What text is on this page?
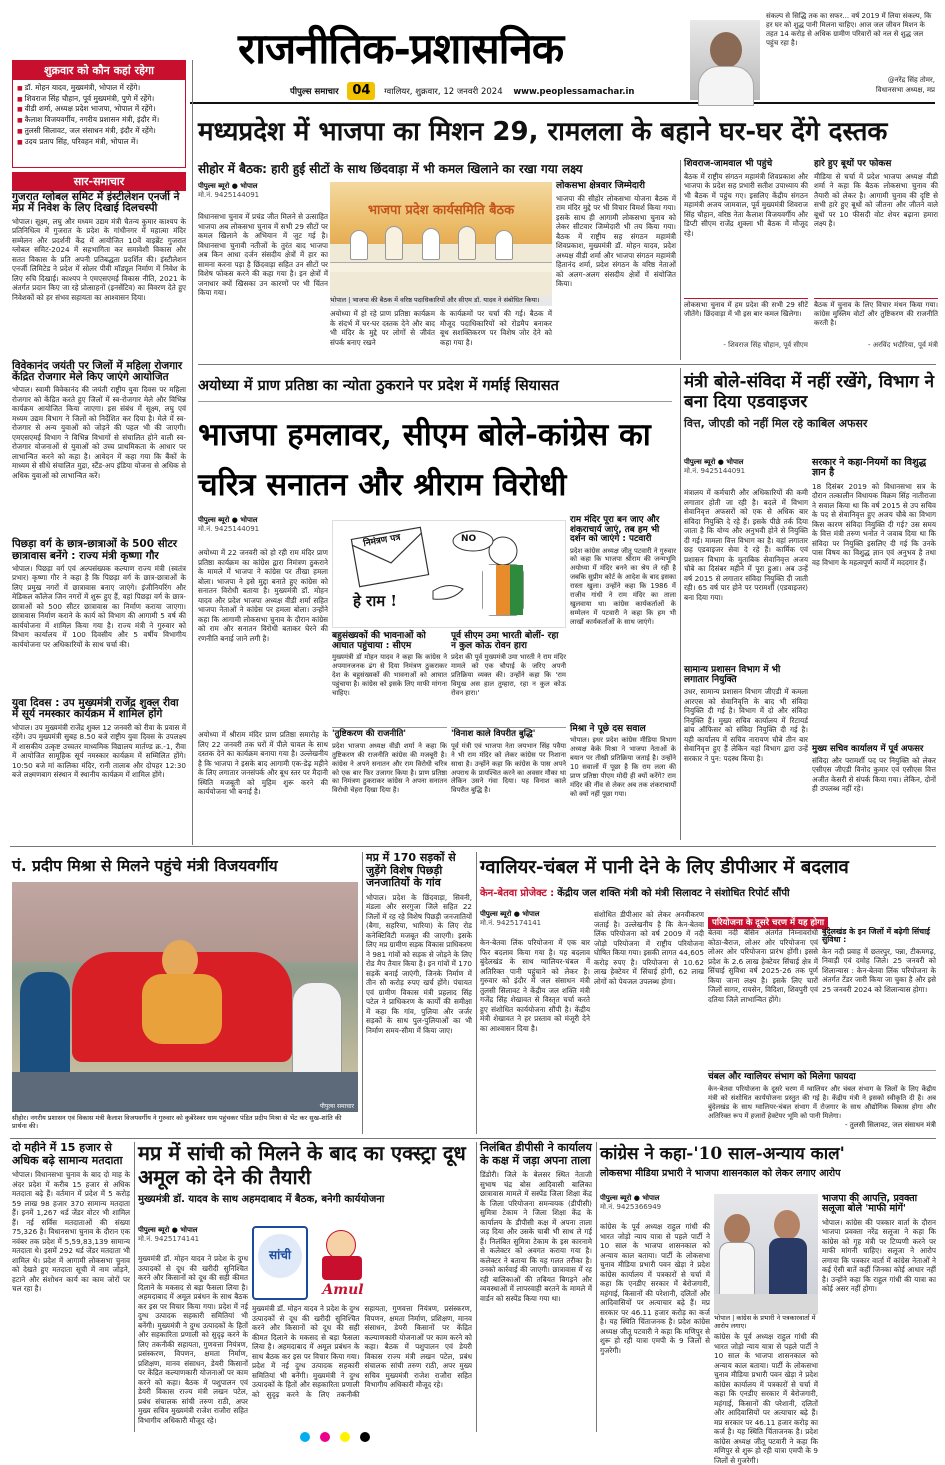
राजनीतिक-प्रशासनिक
पीपुल्स समाचार 04 ग्वालियर, शुक्रवार, 12 जनवरी 2024 www.peoplessamachar.in
संकल्प से सिद्धि तक का सफर... वर्ष 2019 में लिया संकल्प, कि हर घर को शुद्ध पानी मिलना चाहिए। आज जल जीवन मिशन के तहत 14 करोड़ से अधिक ग्रामीण परिवारों को नल से शुद्ध जल पहुंच रहा है।
@नरेंद्र सिंह तोमर,
विधानसभा अध्यक्ष, मप्र
शुक्रवार को कौन कहां रहेगा
■ डॉ. मोहन यादव, मुख्यमंत्री, भोपाल में रहेंगे।
■ शिवराज सिंह चौहान, पूर्व मुख्यमंत्री, पुणे में रहेंगे।
■ वीडी शर्मा, अध्यक्ष प्रदेश भाजपा, भोपाल में रहेंगे।
■ कैलाश विजयवर्गीय, नगरीय प्रशासन मंत्री, इंदौर में।
■ तुलसी सिलावट, जल संसाधन मंत्री, इंदौर में रहेंगे।
■ उदय प्रताप सिंह, परिवहन मंत्री, भोपाल में।
सार-समाचार
गुजरात ग्लोबल समिट में इंस्टीलेशन एनर्जी ने मप्र में निवेश के लिए दिखाई दिलचस्पी
भोपाल। सूक्ष्म, लघु और मध्यम उद्यम मंत्री चैतन्य कुमार काश्यप के प्रतिनिधित्व में गुजरात के प्रदेश के गांधीनगर में महात्मा मंदिर सम्मेलन और प्रदर्शनी केंद्र में आयोजित 10वें वाइब्रेंट गुजरात ग्लोबल समिट-2024 में सहभागिता कर समावेशी विकास और सतत विकास के प्रति अपनी प्रतिबद्धता प्रदर्शित की। इंस्टीलेशन एनर्जी लिमिटेड ने प्रदेश में सोलर पीवी मॉड्यूल निर्माण में निवेश के लिए रुचि दिखाई। काश्यप ने एमएसएमई विकास नीति, 2021 के अंतर्गत प्रदान किए जा रहे प्रोत्साहनों (इनसेंटिव) का विवरण देते हुए निवेशकों को हर संभव सहायता का आश्वासन दिया।
विवेकानंद जयंती पर जिलों में महिला रोजगार केंद्रित रोजगार मेले किए जाएंगे आयोजित
भोपाल। स्वामी विवेकानंद की जयंती राष्ट्रीय युवा दिवस पर महिला रोजगार को केंद्रित करते हुए जिलों में स्व-रोजगार मेले और विभिन्न कार्यक्रम आयोजित किया जाएगा। इस संबंध में सूक्ष्म, लघु एवं मध्यम उद्यम विभाग ने जिलों को निर्देशित कर दिया है। मेले में स्व-रोजगार से अन्य युवाओं को जोड़ने की पहल भी की जाएगी। एमएसएमई विभाग ने विभिन्न विभागों से संचालित होने वाली स्व-रोजगार योजनाओं से युवाओं को उच्च प्राथमिकता के आधार पर लाभान्वित करने को कहा है। आवेदन में कहा गया कि बैंकों के माध्यम से सीधे संचालित मुद्रा, स्टैंड-अप इंडिया योजना से अधिक से अधिक युवाओं को लाभान्वित करें।
पिछड़ा वर्ग के छात्र-छात्राओं के 500 सीटर छात्रावास बनेंगे : राज्य मंत्री कृष्णा गौर
भोपाल। पिछड़ा वर्ग एवं अल्पसंख्यक कल्याण राज्य मंत्री (स्वतंत्र प्रभार) कृष्णा गौर ने कहा है कि पिछड़ा वर्ग के छात्र-छात्राओं के लिए प्रमुख नगरों में छात्रावास बनाए जाएंगे। इंजीनियरिंग और मेडिकल कॉलेज जिन नगरों में शुरू हुए हैं, वहां पिछड़ा वर्ग के छात्र-छात्राओं को 500 सीटर छात्रावास का निर्माण कराया जाएगा। छात्रावास निर्माण कराने के कार्य को विभाग की आगामी 5 वर्ष की कार्ययोजना में शामिल किया गया है। राज्य मंत्री ने गुरुवार को विभाग कार्यालय में 100 दिवसीय और 5 वर्षीय विभागीय कार्ययोजना पर अधिकारियों के साथ चर्चा की।
युवा दिवस : उप मुख्यमंत्री राजेंद्र शुक्ल रीवा में सूर्य नमस्कार कार्यक्रम में शामिल होंगे
भोपाल। उप मुख्यमंत्री राजेंद्र शुक्ल 12 जनवरी को रीवा के प्रवास में रहेंगे। उप मुख्यमंत्री सुबह 8.50 बजे राष्ट्रीय युवा दिवस के उपलक्ष्य में शासकीय उत्कृष्ट उच्चतर माध्यमिक विद्यालय मार्तण्ड क्र.-1, रीवा में आयोजित सामूहिक सूर्य नमस्कार कार्यक्रम में सम्मिलित होंगे। 10:50 बजे मां कालिका मंदिर, रानी तालाब और दोपहर 12:30 बजे लक्ष्मणबाग संस्थान में स्थानीय कार्यक्रम में शामिल होंगे।
मध्यप्रदेश में भाजपा का मिशन 29, रामलला के बहाने घर-घर देंगे दस्तक
सीहोर में बैठक: हारी हुई सीटों के साथ छिंदवाड़ा में भी कमल खिलाने का रखा गया लक्ष्य
पीपुल्स ब्यूरो ● भोपाल
मो.नं. 9425144091
भाजपा प्रदेश कार्यसमिति बैठक
भोपाल | भाजपा की बैठक में वरिष्ठ पदाधिकारियों और सीएम डॉ. यादव ने संबोधित किया।
विधानसभा चुनाव में प्रचंड जीत मिलने से उत्साहित भाजपा अब लोकसभा चुनाव में सभी 29 सीटों पर कमल खिलाने के अभियान में जुट गई है। विधानसभा चुनावी नतीजों के तुरंत बाद भाजपा अब किन आधा दर्जन संसदीय क्षेत्रों में हार का सामना करना पड़ा है छिंदवाड़ा सहित उन सीटों पर विशेष फोकस करने की कहा गया है। इन क्षेत्रों में जनाधार क्यों खिसका उन कारणों पर भी चिंतन किया गया।
अयोध्या में हो रहे प्राण प्रतिष्ठा कार्यक्रम के संदर्भ में घर-घर दस्तक देने और बाद भी मंदिर के मुद्दे पर लोगों से जीवंत संपर्क बनाए रखने
के कार्यक्रमों पर चर्चा की गई। बैठक में मौजूद पदाधिकारियों को रोडमैप बनाकर बूथ सशक्तिकरण पर विशेष जोर देने को कहा गया है।
लोकसभा क्षेत्रवार जिम्मेदारी
भाजपा की सीहोर लोकसभा योजना बैठक में राम मंदिर मुद्दे पर भी विचार विमर्श किया गया। इसके साथ ही आगामी लोकसभा चुनाव को लेकर सीटवार जिम्मेदारी भी तय किया गया। बैठक में राष्ट्रीय सह संगठन महामंत्री शिवप्रकाश, मुख्यमंत्री डॉ. मोहन यादव, प्रदेश अध्यक्ष वीडी शर्मा और भाजपा संगठन महामंत्री हितानंद शर्मा, प्रदेश संगठन के वरिष्ठ नेताओं को अलग-अलग संसदीय क्षेत्रों में संयोजित किया।
शिवराज-जामवाल भी पहुंचे
बैठक में राष्ट्रीय संगठन महामंत्री शिवप्रकाश और भाजपा के प्रदेश सह प्रभारी सतीश उपाध्याय की भी बैठक में पहुंच गए। इसलिए केंद्रीय संगठन महामंत्री अजय जामवाल, पूर्व मुख्यमंत्री शिवराज सिंह चौहान, वरिष्ठ नेता कैलाश विजयवर्गीय और डिप्टी सीएम राजेंद्र शुक्ला भी बैठक में मौजूद रहे।
हारे हुए बूथों पर फोकस
मीडिया से चर्चा में प्रदेश भाजपा अध्यक्ष वीडी शर्मा ने कहा कि बैठक लोकसभा चुनाव की तैयारी को लेकर है। आगामी चुनाव की दृष्टि से सभी हारे हुए बूथों को जीतना और जीतने वाले बूथों पर 10 फीसदी वोट शेयर बढ़ाना हमारा लक्ष्य है।
लोकसभा चुनाव में हम प्रदेश की सभी 29 सीटें जीतेंगे। छिंदवाड़ा में भी इस बार कमल खिलेगा।
- शिवराज सिंह चौहान, पूर्व सीएम
बैठक में चुनाव के लिए विचार मंथन किया गया। कांग्रेस मुस्लिम वोटों और तुष्टिकरण की राजनीति करती है।
- अरविंद भदौरिया, पूर्व मंत्री
अयोध्या में प्राण प्रतिष्ठा का न्योता ठुकराने पर प्रदेश में गर्माई सियासत
भाजपा हमलावर, सीएम बोले-कांग्रेस का चरित्र सनातन और श्रीराम विरोधी
पीपुल्स ब्यूरो ● भोपाल
मो.नं. 9425144091
अयोध्या में 22 जनवरी को हो रही राम मंदिर प्राण प्रतिष्ठा कार्यक्रम का कांग्रेस द्वारा निमंत्रण ठुकराने के मामले में भाजपा ने कांग्रेस पर तीखा हमला बोला। भाजपा ने इसे मुद्दा बनाते हुए कांग्रेस को सनातन विरोधी बताया है। मुख्यमंत्री डॉ. मोहन यादव और प्रदेश भाजपा अध्यक्ष वीडी शर्मा सहित भाजपा नेताओं ने कांग्रेस पर हमला बोला। उन्होंने कहा कि आगामी लोकसभा चुनाव के दौरान कांग्रेस को राम और सनातन विरोधी बताकर घेरने की रणनीति बनाई जाने लगी है।
अयोध्या में श्रीराम मंदिर प्राण प्रतिष्ठा समारोह के लिए 22 जनवरी तक घरों में पीले चावल के साथ दस्तक देने का कार्यक्रम बनाया गया है। उल्लेखनीय है कि भाजपा ने इसके बाद आगामी एक-डेढ़ महीने के लिए लगातार जनसंपर्क और बूथ स्तर पर मैदानी स्थिति मजबूती को मुहिम शुरू करने की कार्ययोजना भी बनाई है।
निमंत्रण पत्र
हे राम !
NO
बहुसंख्यकों की भावनाओं को आघात पहुंचाया : सीएम
मुख्यमंत्री डॉ मोहन यादव ने कहा कि कांग्रेस ने अपमानजनक ढंग से दिया निमंत्रण ठुकराकर देश के बहुसंख्यकों की भावनाओं को आघात पहुंचाया है। कांग्रेस को इसके लिए माफी मांगना चाहिए।
'तुष्टिकरण की राजनीति'
प्रदेश भाजपा अध्यक्ष वीडी शर्मा ने कहा कि तुष्टिकरण की राजनीति कांग्रेस की मजबूरी है। कांग्रेस ने अपने सनातन और राम विरोधी चरित्र को एक बार फिर उजागर किया है। प्राण प्रतिष्ठा का निमंत्रण ठुकराकर कांग्रेस ने अपना सनातन विरोधी चेहरा दिखा दिया है।
पूर्व सीएम उमा भारती बोलीं- रहा न कुल कोऊ रोवन हारा
प्रदेश की पूर्व मुख्यमंत्री उमा भारती ने राम मंदिर मामले को एक चौपाई के जरिए अपनी प्रतिक्रिया व्यक्त की। उन्होंने कहा कि 'राम विमुख अस हाल तुम्हारा, रहा न कुल कोऊ रोवन हारा।'
'विनाश काले विपरीत बुद्धि'
पूर्व मंत्री एवं भाजपा नेता जयभान सिंह पवैया ने भी राम मंदिर को लेकर कांग्रेस पर निशाना साधा है। उन्होंने कहा कि कांग्रेस के पास अपने अपराध के प्रायश्चित करने का अवसर मौका था लेकिन उसने गंवा दिया। यह विनाश काले विपरीत बुद्धि है।
राम मंदिर पूरा बन जाए और शंकराचार्य जाएं, तब हम भी दर्शन को जाएंगे : पटवारी
प्रदेश कांग्रेस अध्यक्ष जीतू पटवारी ने गुरुवार को कहा कि भाजपा श्रीराम की जन्मभूमि अयोध्या में मंदिर बनने का श्रेय ले रही है जबकि सुप्रीम कोर्ट के आदेश के बाद इसका रास्ता खुला। उन्होंने कहा कि 1986 में राजीव गांधी ने राम मंदिर का ताला खुलवाया था। कांग्रेस कार्यकर्ताओं के सम्मेलन में पटवारी ने कहा कि हम भी लाखों कार्यकर्ताओं के साथ जाएंगे।
मिश्रा ने पूछे दस सवाल
भोपाल। इधर प्रदेश कांग्रेस मीडिया विभाग अध्यक्ष केके मिश्रा ने भाजपा नेताओं के बयान पर तीखी प्रतिक्रिया जताई है। उन्होंने 10 सवालों में पूछा है कि राम लला की प्राण प्रतिष्ठा पीएम मोदी ही क्यों करेंगे? राम मंदिर की नींव से लेकर अब तक शंकराचार्यों को क्यों नहीं पूछा गया।
मंत्री बोले-संविदा में नहीं रखेंगे, विभाग ने बना दिया एडवाइजर
वित्त, जीएडी को नहीं मिल रहे काबिल अफसर
पीपुल्स ब्यूरो ● भोपाल
मो.नं. 9425144091
मंत्रालय में कर्मचारी और अधिकारियों की कमी लगातार होती जा रही है। बदले में विभाग सेवानिवृत्त अफसरों को एक से अधिक बार संविदा नियुक्ति दे रहे हैं। इसके पीछे तर्क दिया जाता है कि योग्य और अनुभवी होने से नियुक्ति दी गई। मामला वित्त विभाग का है। वहां लगातार छह एडवाइजर सेवा दे रहे हैं। कार्मिक एवं प्रशासन विभाग के मुताबिक सेवानिवृत्त अजय चौबे का दिसंबर महीने में पूरा हुआ। अब उन्हें वर्ष 2015 से लगातार संविदा नियुक्ति दी जाती रही। 65 वर्ष पार होने पर परामर्शी (एडवाइजर) बना दिया गया।
सामान्य प्रशासन विभाग में भी लगातार नियुक्ति
उधर, सामान्य प्रशासन विभाग जीएडी में कमला आरएस को सेवानिवृत्ति के बाद भी संविदा नियुक्ति दी गई है। विभाग में दो और संविदा नियुक्ति हैं। मुख्य सचिव कार्यालय में रिटायर्ड ब्रांच ऑफिसर को संविदा नियुक्ति दी गई है। यही कार्यालय में सचिव नारायण चौबे तीन बार सेवानिवृत्त हुए हैं लेकिन यहां विभाग द्वारा उन्हें सरकार ने पुन: पदस्थ किया है।
सरकार ने कहा-नियमों का विशुद्ध ज्ञान है
18 दिसंबर 2019 को विधानसभा सत्र के दौरान तत्कालीन विधायक विक्रम सिंह नातीराजा ने सवाल किया था कि वर्ष 2015 से उप सचिव के पद से सेवानिवृत्त हुए अजय चौबे का विभाग किस कारण संविदा नियुक्ति दी गई? उस समय के वित्त मंत्री तरुण भनोत ने जवाब दिया था कि संविदा पर नियुक्ति इसलिए दी गई कि उनके पास विषय का विशुद्ध ज्ञान एवं अनुभव है तथा वह विभाग के महत्वपूर्ण कार्यों में मददगार हैं।
मुख्य सचिव कार्यालय में पूर्व अफसर
संविदा और परामर्शी पद पर नियुक्ति को लेकर एसीएस जीएडी विनोद कुमार एवं एसीएस वित्त अजीत केसरी से संपर्क किया गया। लेकिन, दोनों ही उपलब्ध नहीं रहे।
पं. प्रदीप मिश्रा से मिलने पहुंचे मंत्री विजयवर्गीय
पीपुल्स समाचार
सीहोर। नगरीय प्रशासन एवं विकास मंत्री कैलाश विजयवर्गीय ने गुरुवार को कुबेरेश्वर धाम पहुंचकर पंडित प्रदीप मिश्रा से भेंट कर सुख-शांति की प्रार्थना की।
मप्र में 170 सड़कों से जुड़ेंगे विशेष पिछड़ी जनजातियों के गांव
भोपाल। प्रदेश के छिंदवाड़ा, सिवनी, मंडला और सरगुजा जिले सहित 22 जिलों में रह रहे विशेष पिछड़ी जनजातियों (बैगा, सहरिया, भारिया) के लिए रोड कनेक्टिविटी मजबूत की जाएगी। इसके लिए मप्र ग्रामीण सड़क विकास प्राधिकरण ने 981 गांवों को सड़क से जोड़ने के लिए रोड मैप तैयार किया है। इन गांवों में 170 सड़कें बनाई जाएंगी, जिनके निर्माण में तीन सौ करोड़ रुपए खर्च होंगे। पंचायत एवं ग्रामीण विकास मंत्री प्रहलाद सिंह पटेल ने प्राधिकरण के कार्यों की समीक्षा में कहा कि गांव, पुलिया और जर्जर सड़कों के साथ पुल-पुलियाओं का भी निर्माण समय-सीमा में किया जाए।
ग्वालियर-चंबल में पानी देने के लिए डीपीआर में बदलाव
केन-बेतवा प्रोजेक्ट : केंद्रीय जल शक्ति मंत्री को मंत्री सिलावट ने संशोधित रिपोर्ट सौंपी
पीपुल्स ब्यूरो ● भोपाल
मो.नं. 9425174141
केन-बेतवा लिंक परियोजना में एक बार फिर बदलाव किया गया है। यह बदलाव बुंदेलखंड के साथ ग्वालियर-चंबल में अतिरिक्त पानी पहुंचाने को लेकर है। गुरुवार को इंदौर में जल संसाधन मंत्री तुलसी सिलावट ने केंद्रीय जल शक्ति मंत्री गजेंद्र सिंह शेखावत से विस्तृत चर्चा करते हुए संशोधित कार्ययोजना सौंपी है। केंद्रीय मंत्री शेखावत ने हर प्रस्ताव को मंजूरी देने का आश्वासन दिया है।
संशोधित डीपीआर को लेकर अनवीकरण जताई है। उल्लेखनीय है कि केन-बेतवा लिंक परियोजना को वर्ष 2009 में नदी जोड़ो परियोजना में राष्ट्रीय परियोजना घोषित किया गया। इसकी लागत 44,605 करोड़ रुपए है। परियोजना से 10.62 लाख हेक्टेयर में सिंचाई होगी, 62 लाख लोगों को पेयजल उपलब्ध होगा।
परियोजना के दूसरे चरण में यह होगा
बेतवा नदी बेसिन अंतर्गत निम्नावरोधी कोठा-बैराज, लोअर ओर परियोजना एवं लोअर ओर परियोजना प्रारंभ होंगी। इससे प्रदेश के 2.6 लाख हेक्टेयर सिंचाई क्षेत्र में सिंचाई सुविधा वर्ष 2025-26 तक पूर्ण किया जाना लक्ष्य है। इसके लिए चारों जिलों सागर, रायसेन, विदिशा, शिवपुरी एवं दतिया जिले लाभान्वित होंगे।
बुंदेलखंड के इन जिलों में बढ़ेगी सिंचाई सुविधा :
केन नदी प्रवाह में छतरपुर, पन्ना, टीकमगढ़, निवाड़ी एवं दमोह जिले। 25 जनवरी को शिलान्यास : केन-बेतवा लिंक परियोजना के अंतर्गत टेंडर जारी किया जा चुका है और इसे 25 जनवरी 2024 को शिलान्यास होगा।
चंबल और ग्वालियर संभाग को मिलेगा फायदा
केन-बेतवा परियोजना के दूसरे चरण में ग्वालियर और चंबल संभाग के जिलों के लिए केंद्रीय मंत्री को संशोधित कार्ययोजना प्रस्तुत की गई है। केंद्रीय मंत्री ने इसको स्वीकृति दी है। अब बुंदेलखंड के साथ ग्वालियर-चंबल संभाग में रोजगार के साथ औद्योगिक विकास होगा और अतिरिक्त रूप में हजारों हेक्टेयर भूमि को पानी मिलेगा।
- तुलसी सिलावट, जल संसाधन मंत्री
दो महीने में 15 हजार से अधिक बढ़े सामान्य मतदाता
भोपाल। विधानसभा चुनाव के बाद दो माह के अंदर प्रदेश में करीब 15 हजार से अधिक मतदाता बढ़े हैं। वर्तमान में प्रदेश में 5 करोड़ 59 लाख 98 हजार 370 सामान्य मतदाता हैं। इनमें 1,267 थर्ड जेंडर वोटर भी शामिल हैं। नई सर्विस मतदाताओं की संख्या 75,326 है। विधानसभा चुनाव के दौरान एक नवंबर तक प्रदेश में 5,59,83,139 सामान्य मतदाता थे। इसमें 292 थर्ड जेंडर मतदाता भी शामिल थे। प्रदेश में आगामी लोकसभा चुनाव को देखते हुए मतदाता सूची में नाम जोड़ने, हटाने और संशोधन कार्य का काम जोरों पर चल रहा है।
मप्र में सांची को मिलने के बाद का एक्स्ट्रा दूध अमूल को देने की तैयारी
मुख्यमंत्री डॉ. यादव के साथ अहमदाबाद में बैठक, बनेगी कार्ययोजना
पीपुल्स ब्यूरो ● भोपाल
मो.नं. 9425174141
मुख्यमंत्री डॉ. मोहन यादव ने प्रदेश के दुग्ध उत्पादकों से दूध की खरीदी सुनिश्चित करने और किसानों को दूध की सही कीमत दिलाने के मकसद से बड़ा फैसला लिया है। अहमदाबाद में अमूल प्रबंधन के साथ बैठक कर इस पर विचार किया गया। प्रदेश में नई दुग्ध उत्पादक सहकारी समितियां भी बनेंगी। मुख्यमंत्री ने दुग्ध उत्पादकों के हितों और सहकारिता प्रणाली को सुदृढ़ करने के लिए तकनीकी सहायता, गुणवत्ता नियंत्रण, प्रसंस्करण, विपणन, क्षमता निर्माण, प्रशिक्षण, मानव संसाधन, डेयरी किसानों पर केंद्रित कल्याणकारी योजनाओं पर काम करने को कहा। बैठक में पशुपालन एवं डेयरी विकास राज्य मंत्री लखन पटेल, प्रबंध संचालक सांची तरुण राठी, अपर मुख्य सचिव मुख्यमंत्री राजेश राजौरा सहित विभागीय अधिकारी मौजूद रहे।
सांची
Amul
मुख्यमंत्री डॉ. मोहन यादव ने प्रदेश के दुग्ध उत्पादकों से दूध की खरीदी सुनिश्चित करने और किसानों को दूध की सही कीमत दिलाने के मकसद से बड़ा फैसला लिया है। अहमदाबाद में अमूल प्रबंधन के साथ बैठक कर इस पर विचार किया गया। प्रदेश में नई दुग्ध उत्पादक सहकारी समितियां भी बनेंगी। मुख्यमंत्री ने दुग्ध उत्पादकों के हितों और सहकारिता प्रणाली को सुदृढ़ करने के लिए तकनीकी सहायता, गुणवत्ता नियंत्रण, प्रसंस्करण, विपणन, क्षमता निर्माण, प्रशिक्षण, मानव संसाधन, डेयरी किसानों पर केंद्रित कल्याणकारी योजनाओं पर काम करने को कहा। बैठक में पशुपालन एवं डेयरी विकास राज्य मंत्री लखन पटेल, प्रबंध संचालक सांची तरुण राठी, अपर मुख्य सचिव मुख्यमंत्री राजेश राजौरा सहित विभागीय अधिकारी मौजूद रहे।
निलंबित डीपीसी ने कार्यालय के कक्ष में जड़ा अपना ताला
डिंडोरी। जिले के बेलसर स्थित नेताजी सुभाष चंद्र बोस आदिवासी बालिका छात्रावास मामले में सस्पेंड जिला शिक्षा केंद्र के जिला परियोजना समन्वयक (डीपीसी) सुमित्रा टेकाम ने जिला शिक्षा केंद्र के कार्यालय के डीपीसी कक्ष में अपना ताला जड़ दिया और उसके चाबी भी साथ ले गई हैं। निलंबित सुमित्रा टेकाम के इस कारनामे से कलेक्टर को अवगत कराया गया है। कलेक्टर ने बताया कि यह गलत तरीका है। उनको कार्रवाई की जाएगी। छात्रावास में रह रही बालिकाओं की तबियत बिगड़ने और व्यवस्थाओं में लापरवाही बरतने के मामले में वार्डन को सस्पेंड किया गया था।
कांग्रेस ने कहा-'10 साल-अन्याय काल'
लोकसभा मीडिया प्रभारी ने भाजपा शासनकाल को लेकर लगाए आरोप
पीपुल्स ब्यूरो ● भोपाल
मो.नं. 9425366949
कांग्रेस के पूर्व अध्यक्ष राहुल गांधी की भारत जोड़ो न्याय यात्रा से पहले पार्टी ने 10 साल के भाजपा शासनकाल को अन्याय काल बताया। पार्टी के लोकसभा चुनाव मीडिया प्रभारी पवन खेड़ा ने प्रदेश कांग्रेस कार्यालय में पत्रकारों से चर्चा में कहा कि एनडीए सरकार में बेरोजगारी, महंगाई, किसानों की परेशानी, दलितों और आदिवासियों पर अत्याचार बढ़े हैं। मप्र सरकार पर 46.11 हजार करोड़ का कर्ज है। यह स्थिति चिंताजनक है। प्रदेश कांग्रेस अध्यक्ष जीतू पटवारी ने कहा कि मणिपुर से शुरू हो रही यात्रा एमपी के 9 जिलों से गुजरेगी।
भोपाल | कांग्रेस के प्रभारी ने पत्रकारवार्ता में आरोप लगाए।
कांग्रेस के पूर्व अध्यक्ष राहुल गांधी की भारत जोड़ो न्याय यात्रा से पहले पार्टी ने 10 साल के भाजपा शासनकाल को अन्याय काल बताया। पार्टी के लोकसभा चुनाव मीडिया प्रभारी पवन खेड़ा ने प्रदेश कांग्रेस कार्यालय में पत्रकारों से चर्चा में कहा कि एनडीए सरकार में बेरोजगारी, महंगाई, किसानों की परेशानी, दलितों और आदिवासियों पर अत्याचार बढ़े हैं। मप्र सरकार पर 46.11 हजार करोड़ का कर्ज है। यह स्थिति चिंताजनक है। प्रदेश कांग्रेस अध्यक्ष जीतू पटवारी ने कहा कि मणिपुर से शुरू हो रही यात्रा एमपी के 9 जिलों से गुजरेगी।
भाजपा की आपत्ति, प्रवक्ता सलूजा बोले 'माफी मांगें'
भोपाल। कांग्रेस की पत्रकार वार्ता के दौरान भाजपा प्रवक्ता नरेंद्र सलूजा ने कहा कि कांग्रेस को गृह मंत्री पर टिप्पणी करने पर माफी मांगनी चाहिए। सलूजा ने आरोप लगाया कि पत्रकार वार्ता में कांग्रेस नेताओं ने कई ऐसी बातें कहीं जिनका कोई आधार नहीं है। उन्होंने कहा कि राहुल गांधी की यात्रा का कोई असर नहीं होगा।
